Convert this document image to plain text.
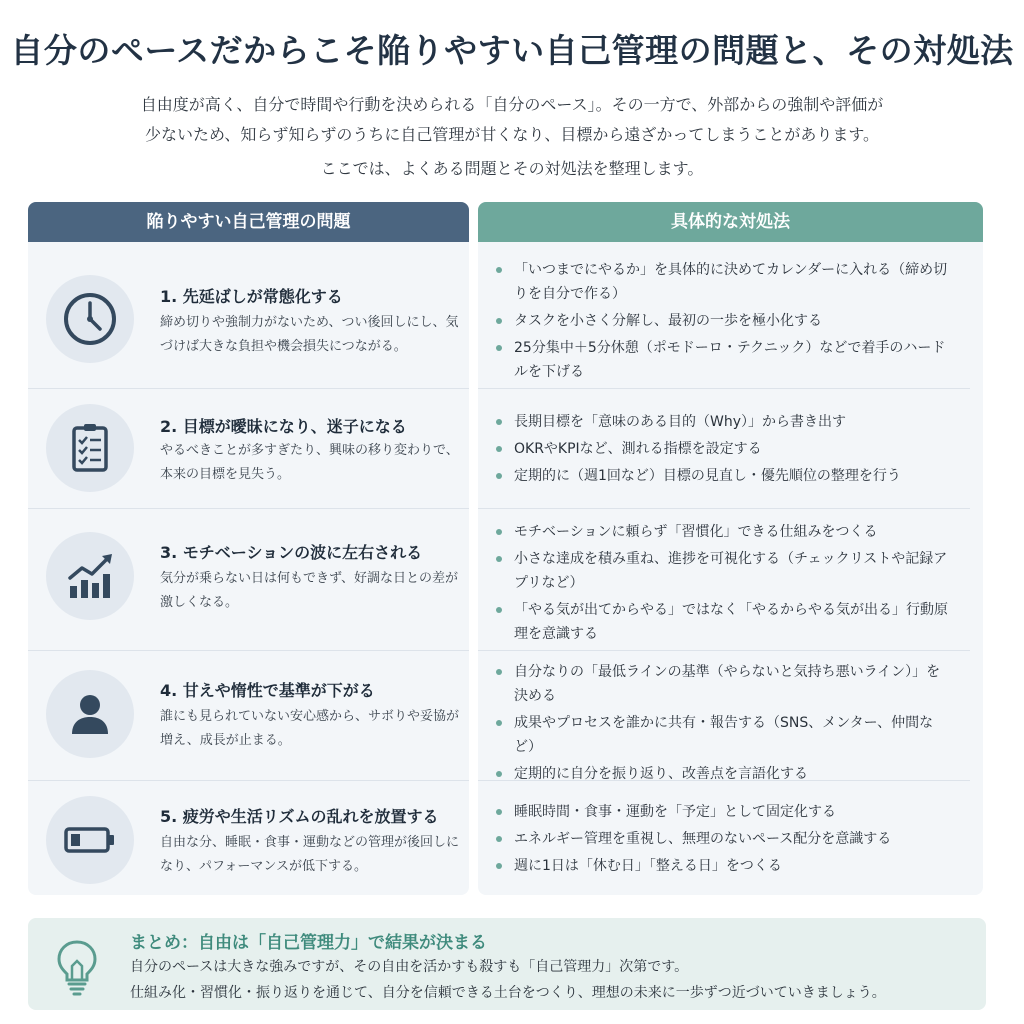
自分のペースだからこそ陥りやすい自己管理の問題と、その対処法
自由度が高く、自分で時間や行動を決められる「自分のペース」。その一方で、外部からの強制や評価が
少ないため、知らず知らずのうちに自己管理が甘くなり、目標から遠ざかってしまうことがあります。
ここでは、よくある問題とその対処法を整理します。
陥りやすい自己管理の問題
1. 先延ばしが常態化する
締め切りや強制力がないため、つい後回しにし、気づけば大きな負担や機会損失につながる。
2. 目標が曖昧になり、迷子になる
やるべきことが多すぎたり、興味の移り変わりで、本来の目標を見失う。
3. モチベーションの波に左右される
気分が乗らない日は何もできず、好調な日との差が激しくなる。
4. 甘えや惰性で基準が下がる
誰にも見られていない安心感から、サボりや妥協が増え、成長が止まる。
5. 疲労や生活リズムの乱れを放置する
自由な分、睡眠・食事・運動などの管理が後回しになり、パフォーマンスが低下する。
具体的な対処法
「いつまでにやるか」を具体的に決めてカレンダーに入れる（締め切りを自分で作る）
タスクを小さく分解し、最初の一歩を極小化する
25分集中＋5分休憩（ポモドーロ・テクニック）などで着手のハードルを下げる
長期目標を「意味のある目的（Why）」から書き出す
OKRやKPIなど、測れる指標を設定する
定期的に（週1回など）目標の見直し・優先順位の整理を行う
モチベーションに頼らず「習慣化」できる仕組みをつくる
小さな達成を積み重ね、進捗を可視化する（チェックリストや記録アプリなど）
「やる気が出てからやる」ではなく「やるからやる気が出る」行動原理を意識する
自分なりの「最低ラインの基準（やらないと気持ち悪いライン）」を決める
成果やプロセスを誰かに共有・報告する（SNS、メンター、仲間など）
定期的に自分を振り返り、改善点を言語化する
睡眠時間・食事・運動を「予定」として固定化する
エネルギー管理を重視し、無理のないペース配分を意識する
週に1日は「休む日」「整える日」をつくる
まとめ：自由は「自己管理力」で結果が決まる
自分のペースは大きな強みですが、その自由を活かすも殺すも「自己管理力」次第です。
仕組み化・習慣化・振り返りを通じて、自分を信頼できる土台をつくり、理想の未来に一歩ずつ近づいていきましょう。
